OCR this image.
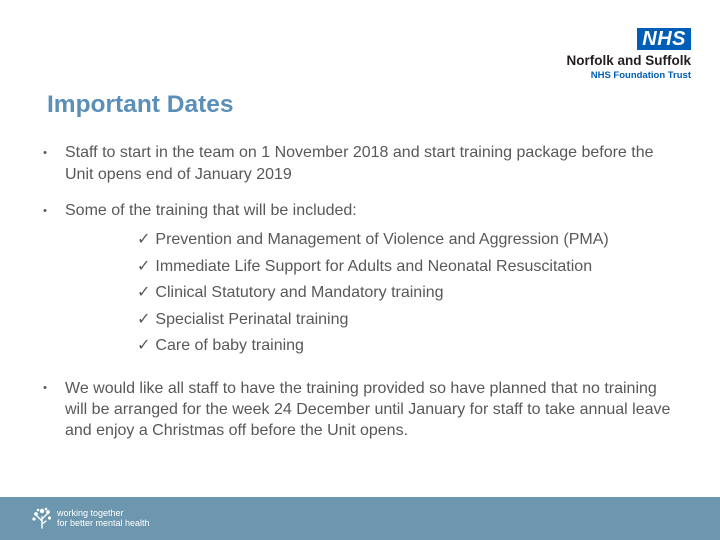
NHS
Norfolk and Suffolk
NHS Foundation Trust
Important Dates
•	Staff to start in the team on 1 November 2018 and start training package before the Unit opens end of January 2019
•	Some of the training that will be included:
✓ Prevention and Management of Violence and Aggression (PMA)
✓ Immediate Life Support for Adults and Neonatal Resuscitation
✓ Clinical Statutory and Mandatory training
✓ Specialist Perinatal training
✓ Care of baby training
•	We would like all staff to have the training provided so have planned that no training will be arranged for the week 24 December until January for staff to take annual leave and enjoy a Christmas off before the Unit opens.
working together
for better mental health
